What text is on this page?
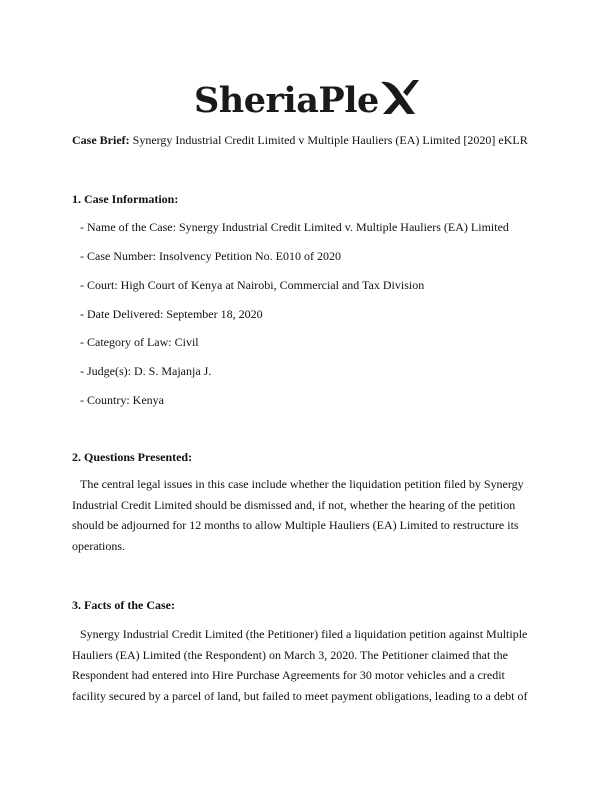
SheriaPle
Case Brief: Synergy Industrial Credit Limited v Multiple Hauliers (EA) Limited [2020] eKLR
1. Case Information:
- Name of the Case: Synergy Industrial Credit Limited v. Multiple Hauliers (EA) Limited
- Case Number: Insolvency Petition No. E010 of 2020
- Court: High Court of Kenya at Nairobi, Commercial and Tax Division
- Date Delivered: September 18, 2020
- Category of Law: Civil
- Judge(s): D. S. Majanja J.
- Country: Kenya
2. Questions Presented:
The central legal issues in this case include whether the liquidation petition filed by Synergy Industrial Credit Limited should be dismissed and, if not, whether the hearing of the petition should be adjourned for 12 months to allow Multiple Hauliers (EA) Limited to restructure its operations.
3. Facts of the Case:
Synergy Industrial Credit Limited (the Petitioner) filed a liquidation petition against Multiple Hauliers (EA) Limited (the Respondent) on March 3, 2020. The Petitioner claimed that the Respondent had entered into Hire Purchase Agreements for 30 motor vehicles and a credit facility secured by a parcel of land, but failed to meet payment obligations, leading to a debt of
